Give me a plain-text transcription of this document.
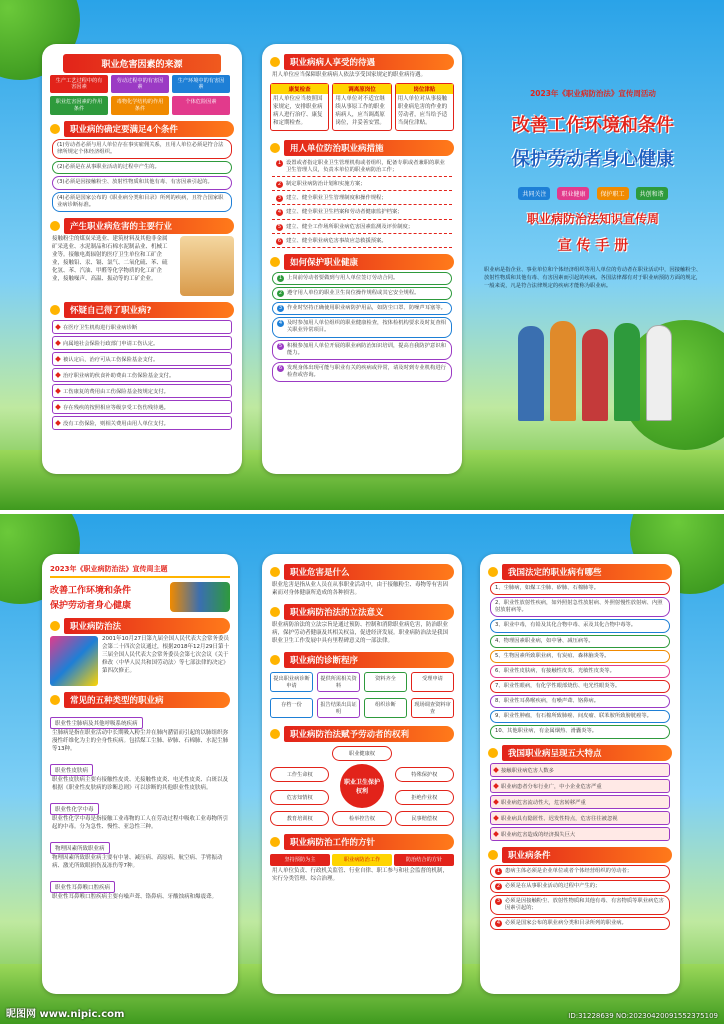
职业危害因素的来源
生产工艺过程中的有害因素
劳动过程中的有害因素
生产环境中的有害因素
职业危害因素的作用条件
毒物化学结构的作用条件
个体危险因素
职业病的确定要满足4个条件
(1)劳动者必须与用人单位存在事实雇佣关系，且用人单位必须是符合法律所规定个体经济组织。
(2)必须是在从事职业活动的过程中产生的。
(3)必须是因接触粉尘、放射性物质和其他有毒、有害因素引起的。
(4)必须是国家公布的《职业病分类和目录》所列的疾病，且符合国家职业病诊断标准。
产生职业病危害的主要行业
接触粉尘的煤炭采选业、建筑材料及其他非金属矿采选业、水泥制品和石棉水泥制品业、机械工业等。接触电离辐射的医疗卫生单位和工矿企业，接触铅、汞、镉、氯气、二氧化硫、苯、硫化氢、苯、汽油、甲醛等化学物质的化工矿企业，接触噪声、高温、振动等的工矿企业。
怀疑自己得了职业病?
在医疗卫生机构进行职业病诊断
向属地社会保险行政部门申请工伤认定。
被认定后，治疗可从工伤保险基金支付。
治疗职业病的伙食补助费由工伤保险基金支付。
工伤康复的费用由工伤保险基金按规定支付。
存在残疾的按照相应等级享受工伤伤残待遇。
没有工伤保险，则相关费用由用人单位支付。
职业病病人享受的待遇
用人单位应当保障职业病病人依法享受国家规定的职业病待遇。
康复检查
用人单位应当按照国家规定，安排职业病病人进行治疗、康复和定期检查。
调离原岗位
用人单位对不适宜继续从事原工作的职业病病人，应当调离原岗位，并妥善安置。
岗位津贴
用人单位对从事接触职业病危害的作业的劳动者，应当给予适当岗位津贴。
用人单位防治职业病措施
1 设置或者指定职业卫生管理机构或者组织，配备专职或者兼职的职业卫生管理人员，负责本单位的职业病防治工作；
2 制定职业病防治计划和实施方案；
3 建立、健全职业卫生管理制度和操作规程；
4 建立、健全职业卫生档案和劳动者健康监护档案；
5 建立、健全工作场所职业病危害因素监测及评价制度；
6 建立、健全职业病危害事故应急救援预案。
如何保护职业健康
1 上岗前劳动者要做到与用人单位签订劳动合同。
2 遵守用人单位的职业卫生岗位操作规程或其它安全规程。
3 作业时坚持正确使用职业病防护用品，如防尘口罩、防噪声耳塞等。
4 及时参加用人单位组织的职业健康检查，按体检机构要求及时复查相关职业异常项目。
5 积极参加用人单位开展的职业病防治知识培训，提高自我防护意识和能力。
6 发现身体出现可能与职业有关的疾病或异常，请及时到专业机构进行检查或咨询。
2023年《职业病防治法》宣传周活动
改善工作环境和条件
保护劳动者身心健康
共同关注	职业健康	保护职工	共创和谐
职业病防治法知识宣传周
宣 传 手 册
职业病是指企业、事业单位和个体经济组织等用人单位的劳动者在职业活动中，因接触粉尘、放射性物质和其他有毒、有害因素而引起的疾病。各国法律都有对于职业病预防方面的规定，一般来说，凡是符合法律规定的疾病才能称为职业病。
2023年《职业病防治法》宣传周主题
改善工作环境和条件
保护劳动者身心健康
职业病防治法
2001年10月27日第九届全国人民代表大会常务委员会第二十四次会议通过，根据2018年12月29日第十三届全国人民代表大会常务委员会第七次会议《关于修改〈中华人民共和国劳动法〉等七部法律的决定》第四次修正。
常见的五种类型的职业病
职业性尘肺病及其他呼吸系统疾病
尘肺病是指在职业活动中长期吸入粉尘并在肺内潴留而引起的以肺组织弥漫性纤维化为主的全身性疾病。包括煤工尘肺、矽肺、石棉肺、水泥尘肺等13种。
职业性皮肤病
职业性皮肤病主要有接触性皮炎、光接触性皮炎、电光性皮炎、白斑以及根据《职业性皮肤病的诊断总则》可以诊断的其他职业性皮肤病。
职业性化学中毒
职业性化学中毒是指接触工业毒物的工人在劳动过程中吸收工业毒物所引起的中毒。分为急性、慢性、亚急性三种。
物理因素所致职业病
物理因素所致职业病主要有中暑、减压病、高原病、航空病、手臂振动病、激光所致眼损伤及冻伤等7种。
职业性耳鼻喉口腔疾病
职业性耳鼻喉口腔疾病主要有噪声聋、铬鼻病、牙酸蚀病和爆震聋。
职业危害是什么
职业危害是指从业人员在从事职业活动中，由于接触粉尘、毒物等有害因素而对身体健康所造成的各种损害。
职业病防治法的立法意义
职业病防治法的立法宗旨是通过预防、控制和消除职业病危害，防治职业病，保护劳动者健康及其相关权益，促进经济发展。职业病防治法是我国职业卫生工作发展中具有里程碑意义的一部法律。
职业病的诊断程序
提出职业病诊断申请
提供所需相关资料
资料齐全	受理申请
存档一份	报告结果出具证明
组织诊断	现场调查资料审查
职业病防治法赋予劳动者的权利
职业健康权
工作生命权
职业卫生保护权利
特殊保护权
危害知情权	拒绝作业权
教育培训权	检举控告权	民事赔偿权
职业病防治工作的方针
坚持预防为主	职业病防治工作	防治结合的方针
用人单位负责、行政机关监管、行业自律、职工参与和社会监督的机制，实行分类管理、综合治理。
我国法定的职业病有哪些
1、尘肺病，如煤工尘肺、矽肺、石棉肺等。
2、职业性放射性疾病，如外照射急性放射病、外照射慢性放射病、内照射放射病等。
3、职业中毒，有铅及其化合物中毒、汞及其化合物中毒等。
4、物理因素职业病，如中暑、减压病等。
5、生物因素所致职业病，有炭疽、森林脑炎等。
6、职业性皮肤病，有接触性皮炎、光敏性皮炎等。
7、职业性眼病，有化学性眼部烧伤、电光性眼炎等。
8、职业性耳鼻喉疾病，有噪声聋、铬鼻病。
9、职业性肿瘤，有石棉所致肺癌、间皮瘤、联苯胺所致膀胱癌等。
10、其他职业病，有金属烟热、滑囊炎等。
我国职业病呈现五大特点
接触职业病危害人数多
职业病患者分布行业广，中小企业危害严重
职业病危害流动性大，危害转移严重
职业病具有隐匿性、迟发性特点，危害往往被忽视
职业病危害造成的经济损失巨大
职业病条件
1 患病主体必须是企业单位或者个体经营组织的劳动者；
2 必须是在从事职业活动的过程中产生的；
3 必须是因接触粉尘、放射性物质和其他有毒、有害物质等职业病危害因素引起的；
4 必须是国家公布的职业病分类和目录所列的职业病。
昵图网 www.nipic.com	ID:31228639 NO:20230420091552375109
